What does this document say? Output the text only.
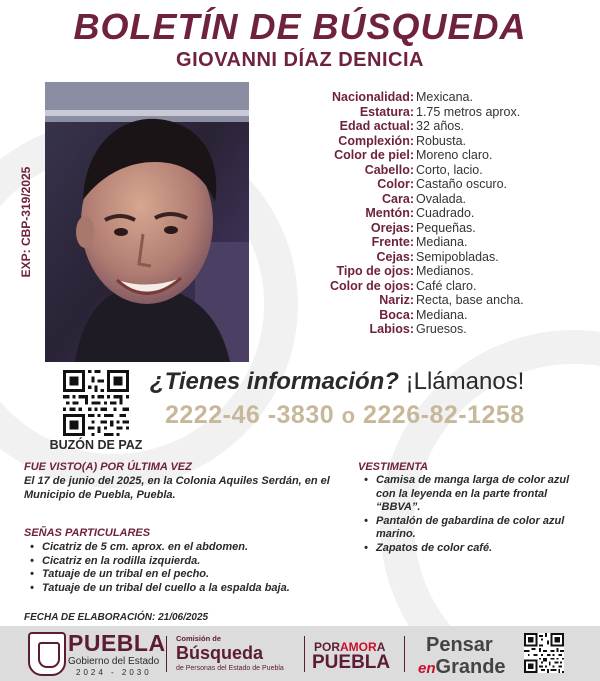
BOLETÍN DE BÚSQUEDA
GIOVANNI DÍAZ DENICIA
EXP: CBP-319/2025
Nacionalidad: Mexicana.
Estatura: 1.75 metros aprox.
Edad actual: 32 años.
Complexión: Robusta.
Color de piel: Moreno claro.
Cabello: Corto, lacio.
Color: Castaño oscuro.
Cara: Ovalada.
Mentón: Cuadrado.
Orejas: Pequeñas.
Frente: Mediana.
Cejas: Semipobladas.
Tipo de ojos: Medianos.
Color de ojos: Café claro.
Nariz: Recta, base ancha.
Boca: Mediana.
Labios: Gruesos.
BUZÓN DE PAZ
¿Tienes información? ¡Llámanos!
2222-46 -3830 o 2226-82-1258
FUE VISTO(A) POR ÚLTIMA VEZ
El 17 de junio del 2025, en la Colonia Aquiles Serdán, en el Municipio de Puebla, Puebla.
VESTIMENTA
• Camisa de manga larga de color azul con la leyenda en la parte frontal “BBVA”.
• Pantalón de gabardina de color azul marino.
• Zapatos de color café.
SEÑAS PARTICULARES
• Cicatriz de 5 cm. aprox. en el abdomen.
• Cicatriz en la rodilla izquierda.
• Tatuaje de un tribal en el pecho.
• Tatuaje de un tribal del cuello a la espalda baja.
FECHA DE ELABORACIÓN: 21/06/2025
PUEBLA
Gobierno del Estado
2024 - 2030
Comisión de
Búsqueda
de Personas del Estado de Puebla
PORAMORA
PUEBLA
Pensar
enGrande
